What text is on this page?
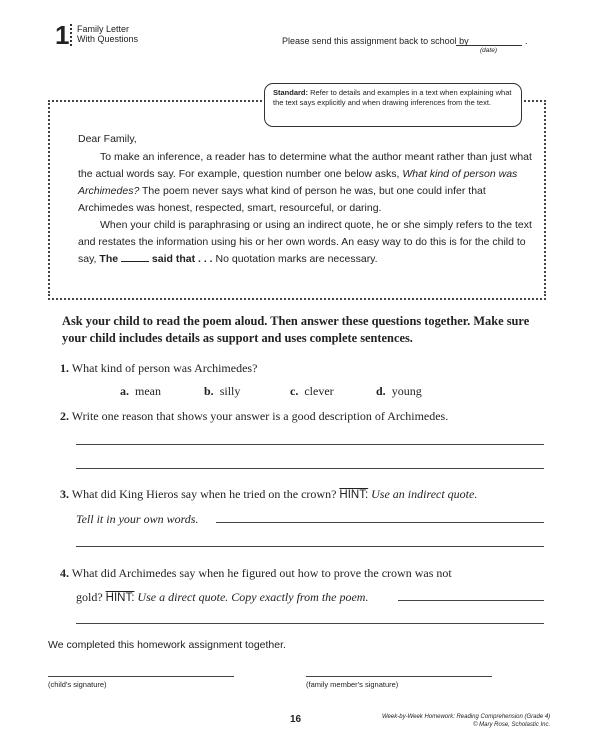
1 Family Letter
With Questions	Please send this assignment back to school by	.
(date)
Standard: Refer to details and examples in a text when explaining what the text says explicitly and when drawing inferences from the text.

Dear Family,

To make an inference, a reader has to determine what the author meant rather than just what the actual words say. For example, question number one below asks, What kind of person was Archimedes? The poem never says what kind of person he was, but one could infer that Archimedes was honest, respected, smart, resourceful, or daring.

When your child is paraphrasing or using an indirect quote, he or she simply refers to the text and restates the information using his or her own words. An easy way to do this is for the child to say, The	said that . . . No quotation marks are necessary.

Ask your child to read the poem aloud. Then answer these questions together. Make sure your child includes details as support and uses complete sentences.
1. What kind of person was Archimedes?
a. mean	b. silly	c. clever	d. young
2. Write one reason that shows your answer is a good description of Archimedes.
3. What did King Hieros say when he tried on the crown? HINT: Use an indirect quote.
Tell it in your own words.
4. What did Archimedes say when he figured out how to prove the crown was not
gold? HINT: Use a direct quote. Copy exactly from the poem.
We completed this homework assignment together.
(child's signature)	(family member's signature)
16	Week-by-Week Homework: Reading Comprehension (Grade 4)
© Mary Rose, Scholastic Inc.
